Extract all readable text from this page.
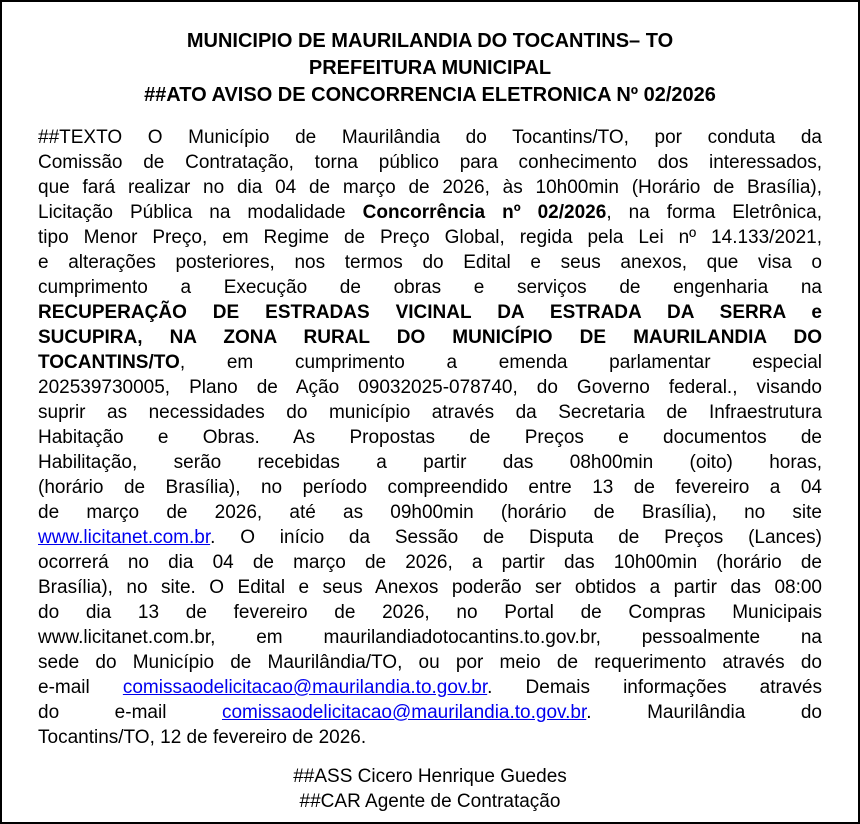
MUNICIPIO DE MAURILANDIA DO TOCANTINS– TO
PREFEITURA MUNICIPAL
##ATO AVISO DE CONCORRENCIA ELETRONICA Nº 02/2026
##TEXTO O Município de Maurilândia do Tocantins/TO, por conduta da
Comissão de Contratação, torna público para conhecimento dos interessados,
que fará realizar no dia 04 de março de 2026, às 10h00min (Horário de Brasília),
Licitação Pública na modalidade Concorrência nº 02/2026, na forma Eletrônica,
tipo Menor Preço, em Regime de Preço Global, regida pela Lei nº 14.133/2021,
e alterações posteriores, nos termos do Edital e seus anexos, que visa o
cumprimento a Execução de obras e serviços de engenharia na
RECUPERAÇÃO DE ESTRADAS VICINAL DA ESTRADA DA SERRA e
SUCUPIRA, NA ZONA RURAL DO MUNICÍPIO DE MAURILANDIA DO
TOCANTINS/TO, em cumprimento a emenda parlamentar especial
202539730005, Plano de Ação 09032025-078740, do Governo federal., visando
suprir as necessidades do município através da Secretaria de Infraestrutura
Habitação e Obras. As Propostas de Preços e documentos de
Habilitação, serão recebidas a partir das 08h00min (oito) horas,
(horário de Brasília), no período compreendido entre 13 de fevereiro a 04
de março de 2026, até as 09h00min (horário de Brasília), no site
www.licitanet.com.br. O início da Sessão de Disputa de Preços (Lances)
ocorrerá no dia 04 de março de 2026, a partir das 10h00min (horário de
Brasília), no site. O Edital e seus Anexos poderão ser obtidos a partir das 08:00
do dia 13 de fevereiro de 2026, no Portal de Compras Municipais
www.licitanet.com.br, em maurilandiadotocantins.to.gov.br, pessoalmente na
sede do Município de Maurilândia/TO, ou por meio de requerimento através do
e-mail comissaodelicitacao@maurilandia.to.gov.br. Demais informações através
do e-mail comissaodelicitacao@maurilandia.to.gov.br. Maurilândia do
Tocantins/TO, 12 de fevereiro de 2026.
##ASS Cicero Henrique Guedes
##CAR Agente de Contratação
